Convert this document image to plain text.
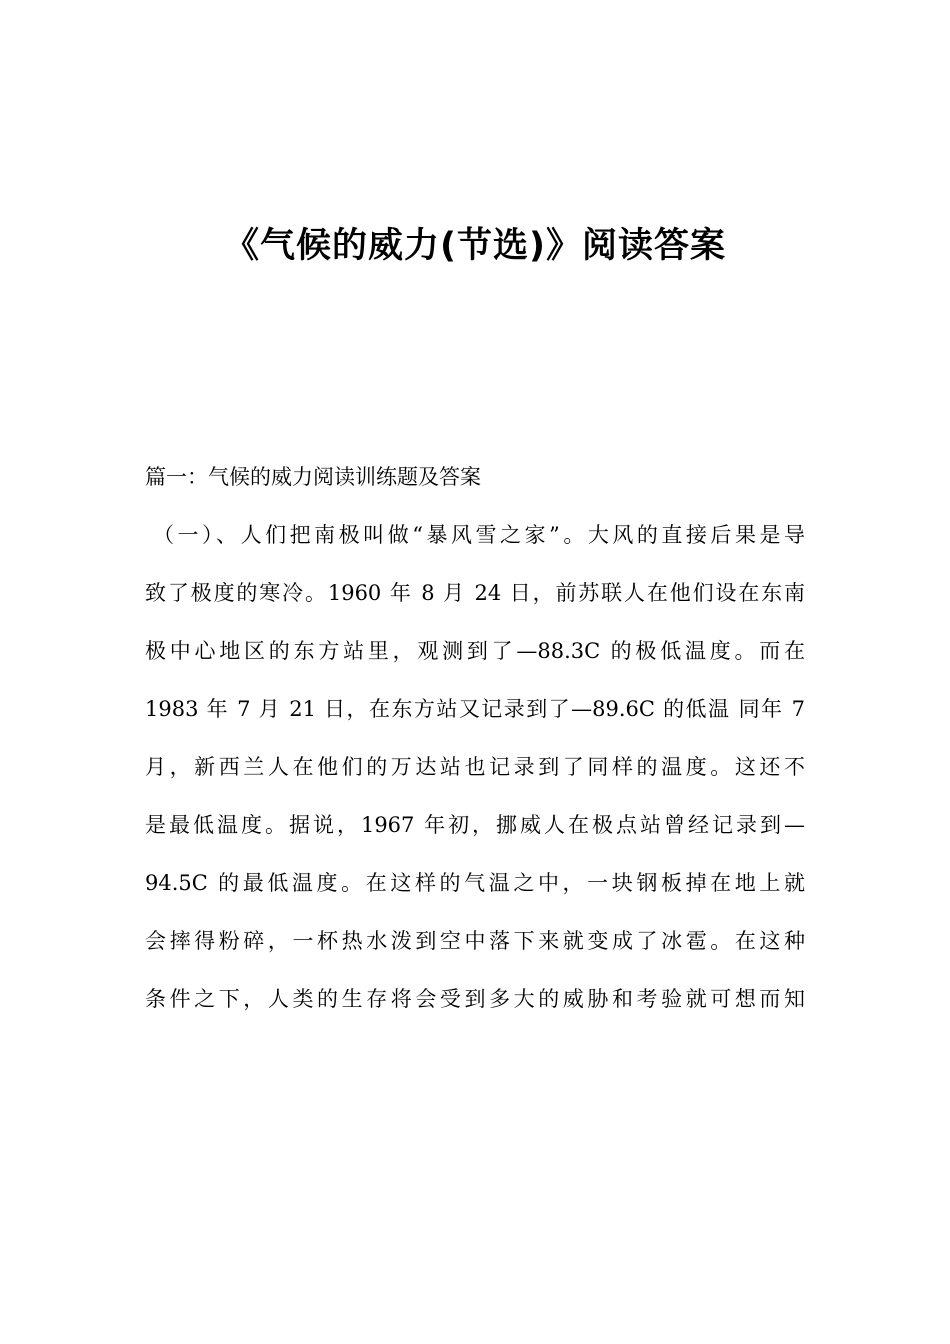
《气候的威力(节选)》阅读答案
篇一：气候的威力阅读训练题及答案
（一）、人们把南极叫做“暴风雪之家”。大风的直接后果是导
致了极度的寒冷。1960 年 8 月 24 日，前苏联人在他们设在东南
极中心地区的东方站里，观测到了—88.3C 的极低温度。而在
1983 年 7 月 21 日，在东方站又记录到了—89.6C 的低温 同年 7
月，新西兰人在他们的万达站也记录到了同样的温度。这还不
是最低温度。据说，1967 年初，挪威人在极点站曾经记录到—
94.5C 的最低温度。在这样的气温之中，一块钢板掉在地上就
会摔得粉碎，一杯热水泼到空中落下来就变成了冰雹。在这种
条件之下，人类的生存将会受到多大的威胁和考验就可想而知
